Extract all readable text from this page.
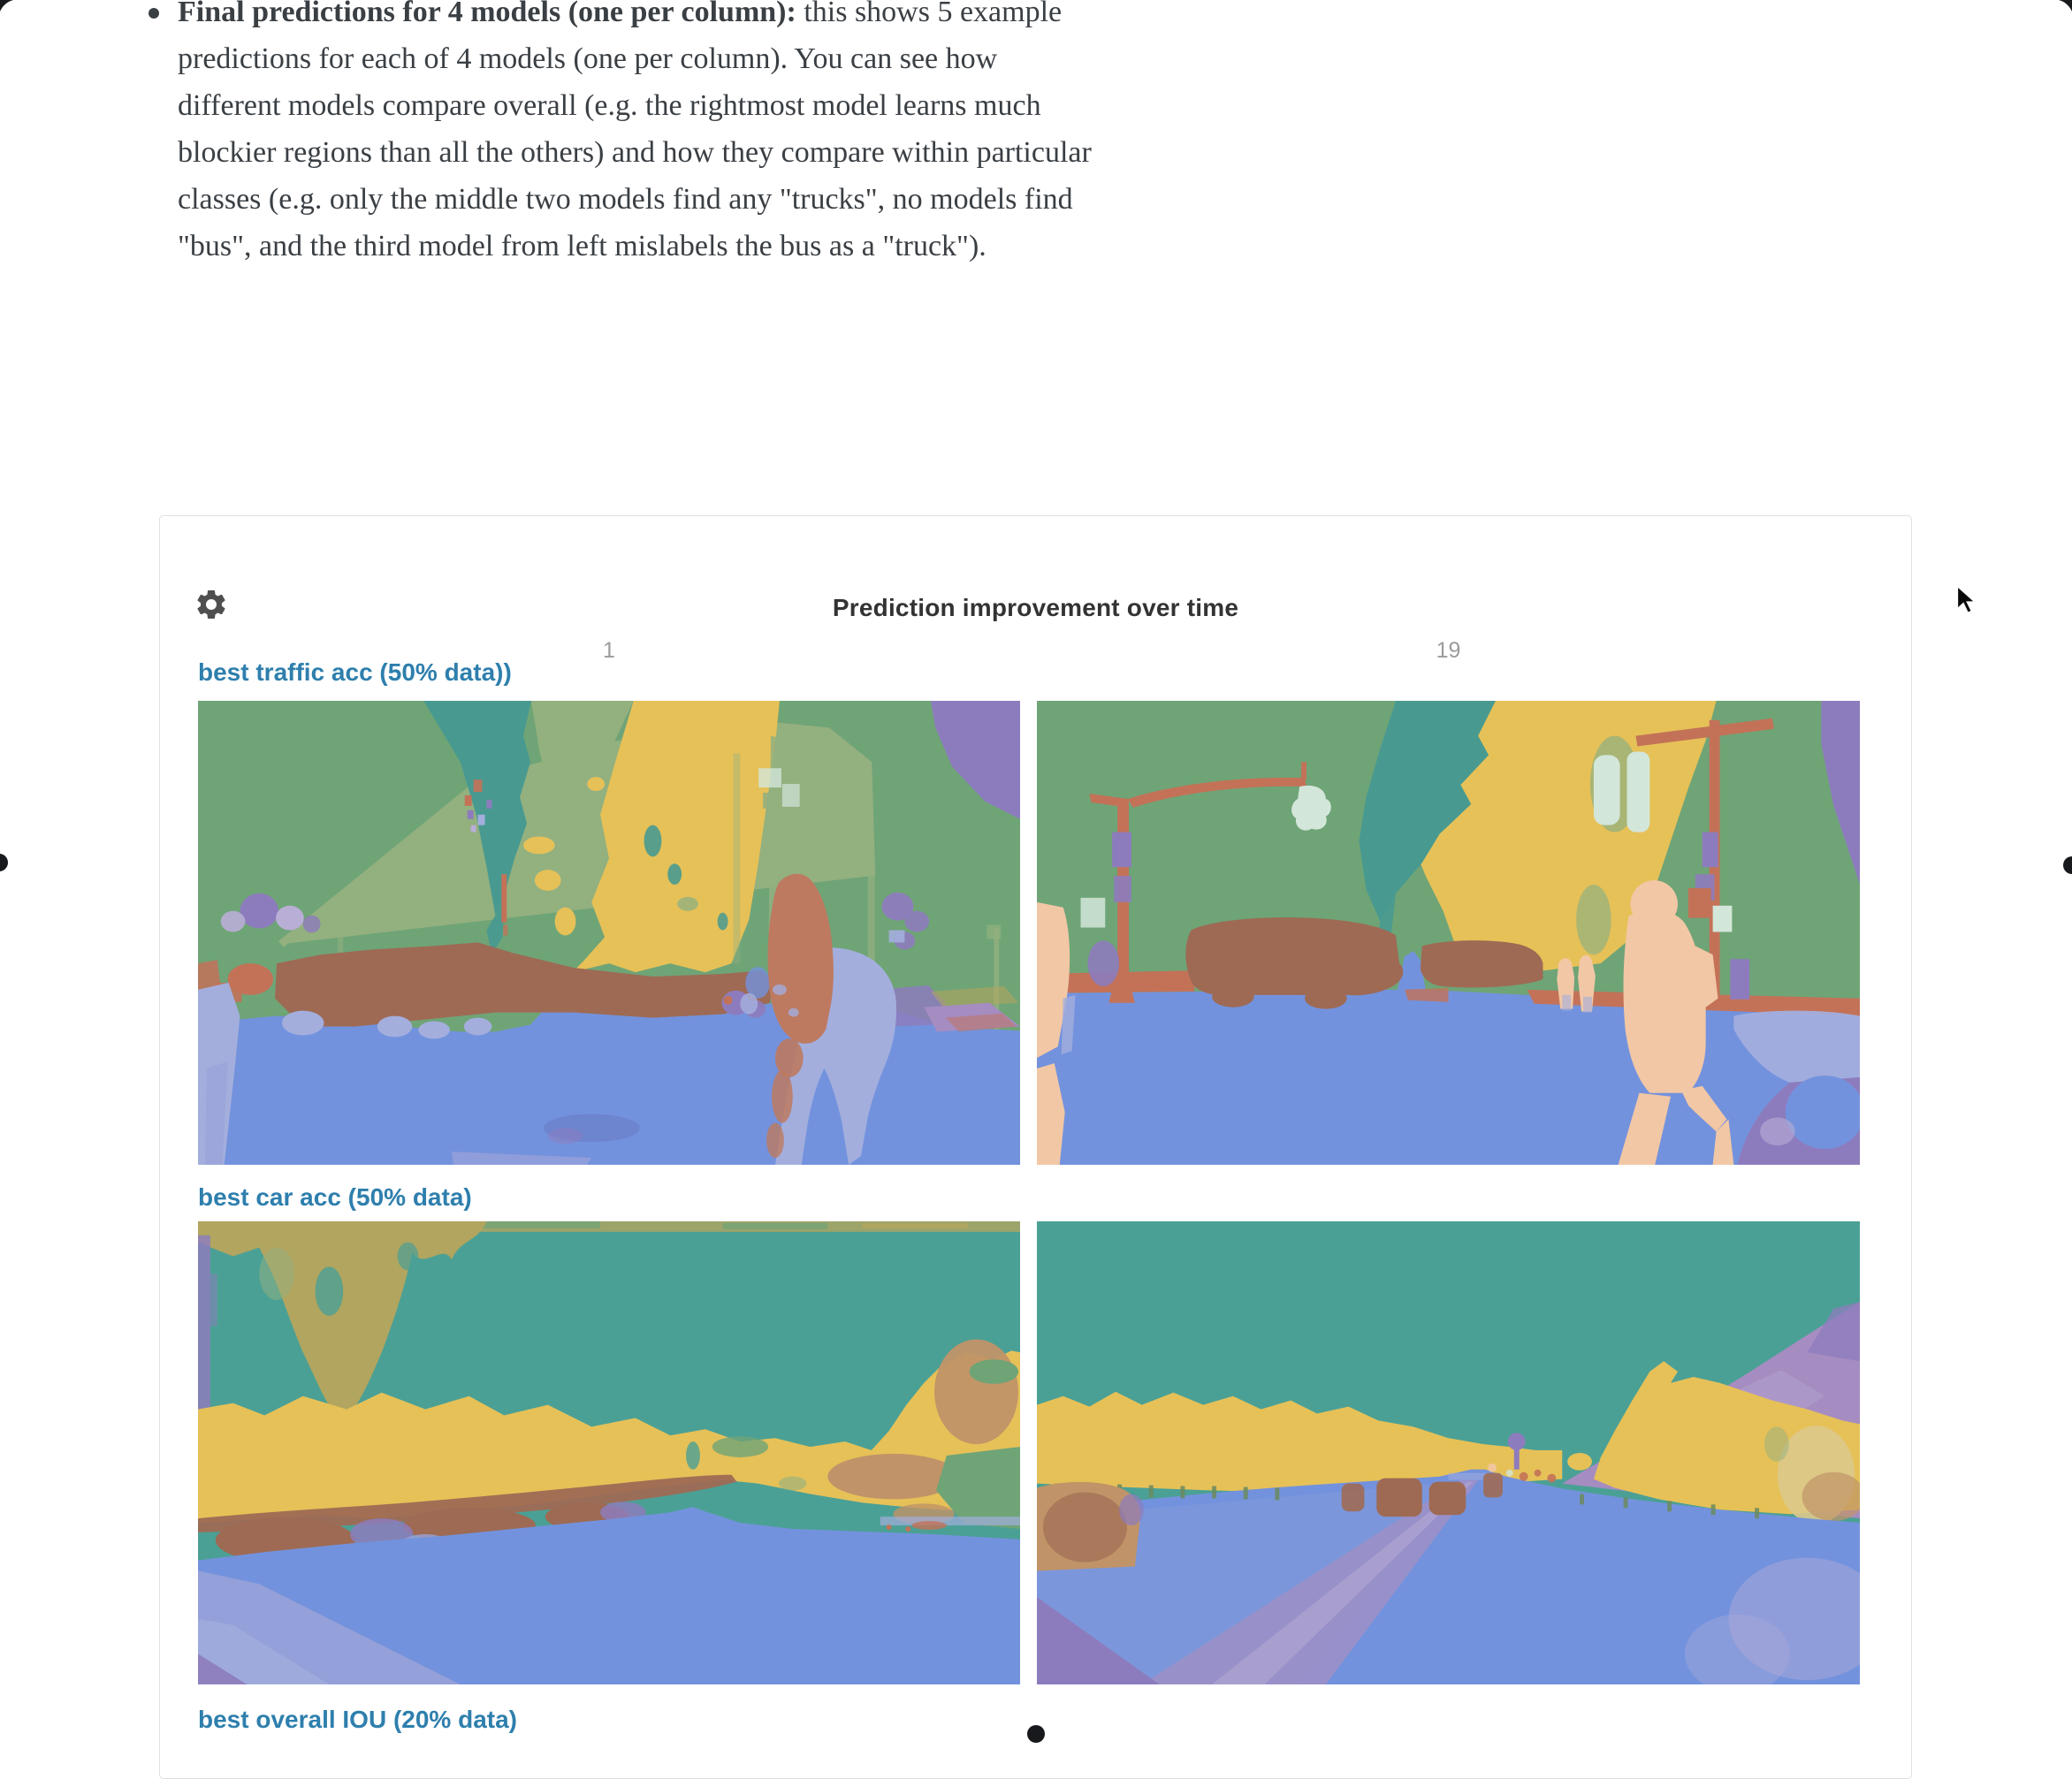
Final predictions for 4 models (one per column): this shows 5 example
predictions for each of 4 models (one per column). You can see how
different models compare overall (e.g. the rightmost model learns much
blockier regions than all the others) and how they compare within particular
classes (e.g. only the middle two models find any "trucks", no models find
"bus", and the third model from left mislabels the bus as a "truck").
Prediction improvement over time
1	19
best traffic acc (50% data))
best car acc (50% data)
best overall IOU (20% data)
